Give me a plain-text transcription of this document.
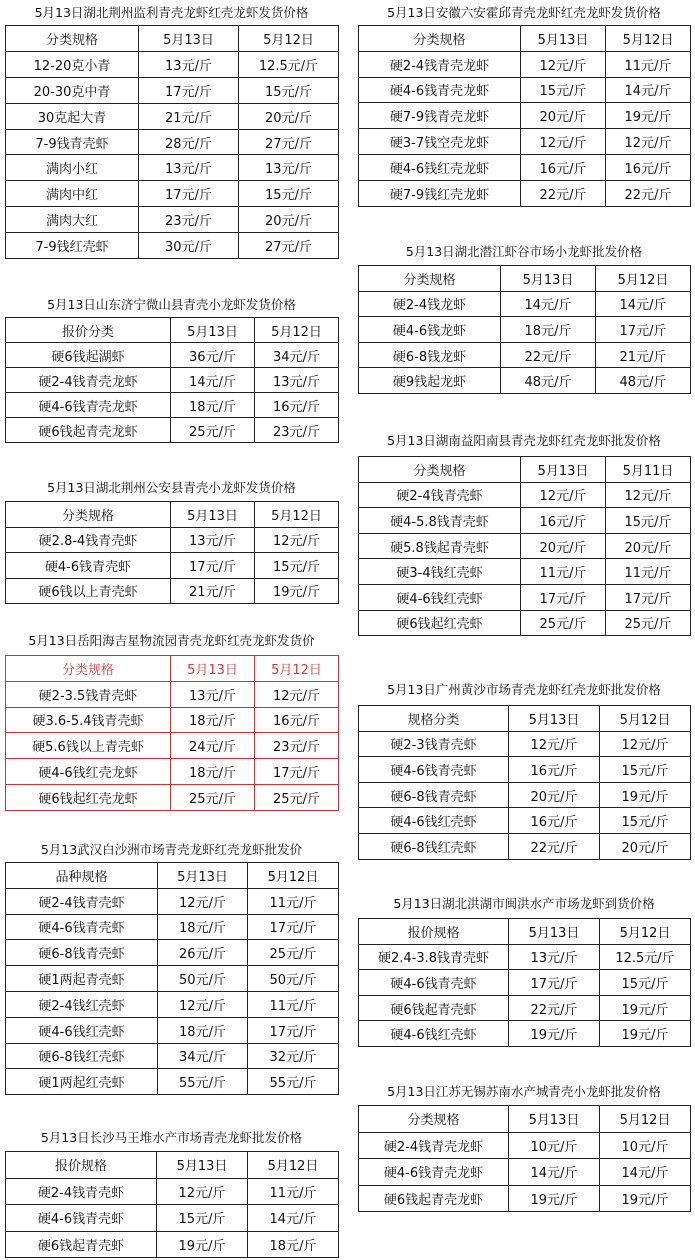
5月13日湖北荆州监利青壳龙虾红壳龙虾发货价格
分类规格	5月13日	5月12日
12-20克小青	13元/斤	12.5元/斤
20-30克中青	17元/斤	15元/斤
30克起大青	21元/斤	20元/斤
7-9钱青壳虾	28元/斤	27元/斤
满肉小红	13元/斤	13元/斤
满肉中红	17元/斤	15元/斤
满肉大红	23元/斤	20元/斤
7-9钱红壳虾	30元/斤	27元/斤
5月13日山东济宁微山县青壳小龙虾发货价格
报价分类	5月13日	5月12日
硬6钱起湖虾	36元/斤	34元/斤
硬2-4钱青壳龙虾	14元/斤	13元/斤
硬4-6钱青壳龙虾	18元/斤	16元/斤
硬6钱起青壳龙虾	25元/斤	23元/斤
5月13日湖北荆州公安县青壳小龙虾发货价格
分类规格	5月13日	5月12日
硬2.8-4钱青壳虾	13元/斤	12元/斤
硬4-6钱青壳虾	17元/斤	15元/斤
硬6钱以上青壳虾	21元/斤	19元/斤
5月13日岳阳海吉星物流园青壳龙虾红壳龙虾发货价
分类规格	5月13日	5月12日
硬2-3.5钱青壳虾	13元/斤	12元/斤
硬3.6-5.4钱青壳虾	18元/斤	16元/斤
硬5.6钱以上青壳虾	24元/斤	23元/斤
硬4-6钱红壳龙虾	18元/斤	17元/斤
硬6钱起红壳龙虾	25元/斤	25元/斤
5月13武汉白沙洲市场青壳龙虾红壳龙虾批发价
品种规格	5月13日	5月12日
硬2-4钱青壳虾	12元/斤	11元/斤
硬4-6钱青壳虾	18元/斤	17元/斤
硬6-8钱青壳虾	26元/斤	25元/斤
硬1两起青壳虾	50元/斤	50元/斤
硬2-4钱红壳虾	12元/斤	11元/斤
硬4-6钱红壳虾	18元/斤	17元/斤
硬6-8钱红壳虾	34元/斤	32元/斤
硬1两起红壳虾	55元/斤	55元/斤
5月13日长沙马王堆水产市场青壳龙虾批发价格
报价规格	5月13日	5月12日
硬2-4钱青壳虾	12元/斤	11元/斤
硬4-6钱青壳虾	15元/斤	14元/斤
硬6钱起青壳虾	19元/斤	18元/斤
5月13日安徽六安霍邱青壳龙虾红壳龙虾发货价格
分类规格	5月13日	5月12日
硬2-4钱青壳龙虾	12元/斤	11元/斤
硬4-6钱青壳龙虾	15元/斤	14元/斤
硬7-9钱青壳龙虾	20元/斤	19元/斤
硬3-7钱空壳龙虾	12元/斤	12元/斤
硬4-6钱红壳龙虾	16元/斤	16元/斤
硬7-9钱红壳龙虾	22元/斤	22元/斤
5月13日湖北潜江虾谷市场小龙虾批发价格
分类规格	5月13日	5月12日
硬2-4钱龙虾	14元/斤	14元/斤
硬4-6钱龙虾	18元/斤	17元/斤
硬6-8钱龙虾	22元/斤	21元/斤
硬9钱起龙虾	48元/斤	48元/斤
5月13日湖南益阳南县青壳龙虾红壳龙虾批发价格
分类规格	5月13日	5月11日
硬2-4钱青壳虾	12元/斤	12元/斤
硬4-5.8钱青壳虾	16元/斤	15元/斤
硬5.8钱起青壳虾	20元/斤	20元/斤
硬3-4钱红壳虾	11元/斤	11元/斤
硬4-6钱红壳虾	17元/斤	17元/斤
硬6钱起红壳虾	25元/斤	25元/斤
5月13日广州黄沙市场青壳龙虾红壳龙虾批发价格
规格分类	5月13日	5月12日
硬2-3钱青壳虾	12元/斤	12元/斤
硬4-6钱青壳虾	16元/斤	15元/斤
硬6-8钱青壳虾	20元/斤	19元/斤
硬4-6钱红壳虾	16元/斤	15元/斤
硬6-8钱红壳虾	22元/斤	20元/斤
5月13日湖北洪湖市闽洪水产市场龙虾到货价格
报价规格	5月13日	5月12日
硬2.4-3.8钱青壳虾	13元/斤	12.5元/斤
硬4-6钱青壳虾	17元/斤	15元/斤
硬6钱起青壳虾	22元/斤	19元/斤
硬4-6钱红壳虾	19元/斤	19元/斤
5月13日江苏无锡苏南水产城青壳小龙虾批发价格
分类规格	5月13日	5月12日
硬2-4钱青壳龙虾	10元/斤	10元/斤
硬4-6钱青壳龙虾	14元/斤	14元/斤
硬6钱起青壳龙虾	19元/斤	19元/斤
